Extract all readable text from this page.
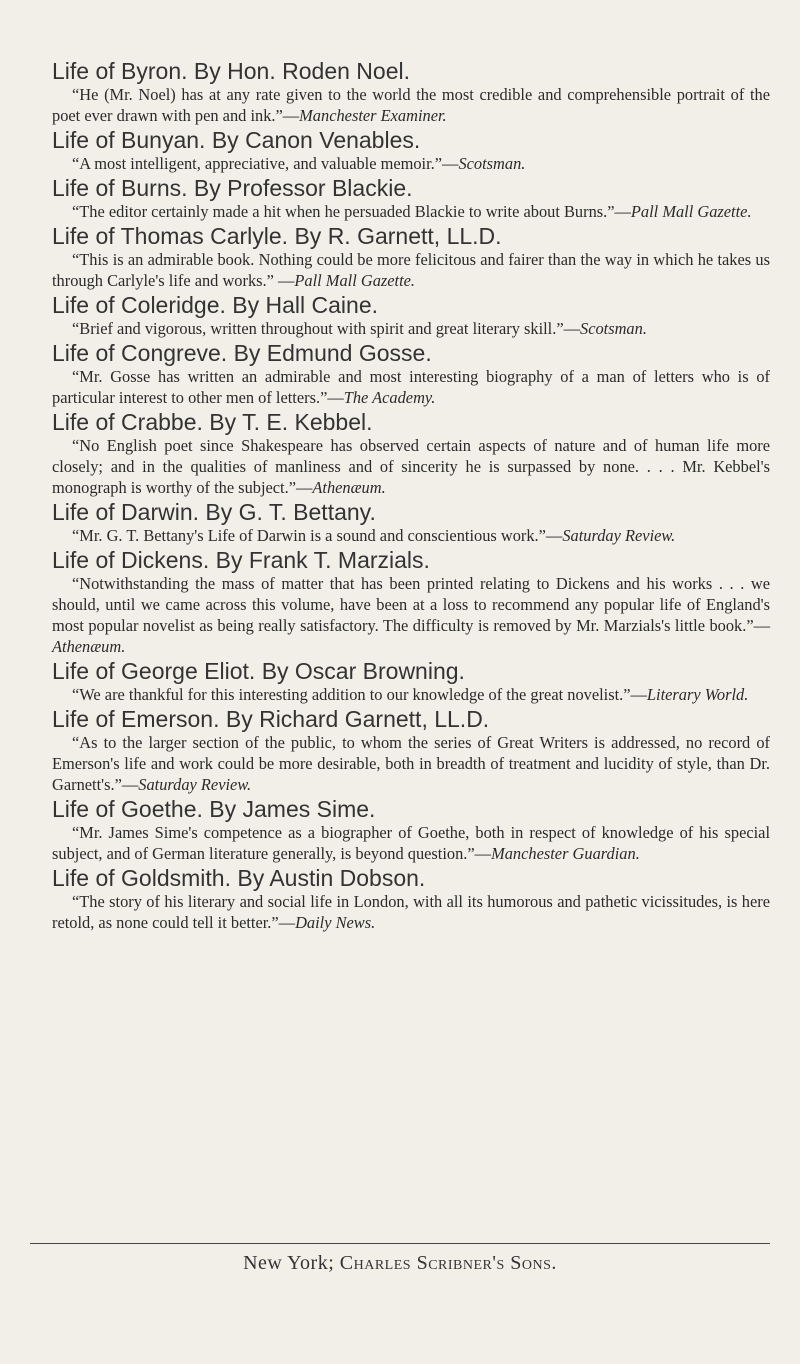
Life of Byron. By Hon. Roden Noel.
“He (Mr. Noel) has at any rate given to the world the most credible and comprehensible portrait of the poet ever drawn with pen and ink.”—Manchester Examiner.
Life of Bunyan. By Canon Venables.
“A most intelligent, appreciative, and valuable memoir.”—Scotsman.
Life of Burns. By Professor Blackie.
“The editor certainly made a hit when he persuaded Blackie to write about Burns.”—Pall Mall Gazette.
Life of Thomas Carlyle. By R. Garnett, LL.D.
“This is an admirable book. Nothing could be more felicitous and fairer than the way in which he takes us through Carlyle's life and works.” —Pall Mall Gazette.
Life of Coleridge. By Hall Caine.
“Brief and vigorous, written throughout with spirit and great literary skill.”—Scotsman.
Life of Congreve. By Edmund Gosse.
“Mr. Gosse has written an admirable and most interesting biography of a man of letters who is of particular interest to other men of letters.”—The Academy.
Life of Crabbe. By T. E. Kebbel.
“No English poet since Shakespeare has observed certain aspects of nature and of human life more closely; and in the qualities of manliness and of sincerity he is surpassed by none. . . . Mr. Kebbel's monograph is worthy of the subject.”—Athenæum.
Life of Darwin. By G. T. Bettany.
“Mr. G. T. Bettany's Life of Darwin is a sound and conscientious work.”—Saturday Review.
Life of Dickens. By Frank T. Marzials.
“Notwithstanding the mass of matter that has been printed relating to Dickens and his works . . . we should, until we came across this volume, have been at a loss to recommend any popular life of England's most popular novelist as being really satisfactory. The difficulty is removed by Mr. Marzials's little book.”—Athenæum.
Life of George Eliot. By Oscar Browning.
“We are thankful for this interesting addition to our knowledge of the great novelist.”—Literary World.
Life of Emerson. By Richard Garnett, LL.D.
“As to the larger section of the public, to whom the series of Great Writers is addressed, no record of Emerson's life and work could be more desirable, both in breadth of treatment and lucidity of style, than Dr. Garnett's.”—Saturday Review.
Life of Goethe. By James Sime.
“Mr. James Sime's competence as a biographer of Goethe, both in respect of knowledge of his special subject, and of German literature generally, is beyond question.”—Manchester Guardian.
Life of Goldsmith. By Austin Dobson.
“The story of his literary and social life in London, with all its humorous and pathetic vicissitudes, is here retold, as none could tell it better.”—Daily News.
New York; Charles Scribner's Sons.
